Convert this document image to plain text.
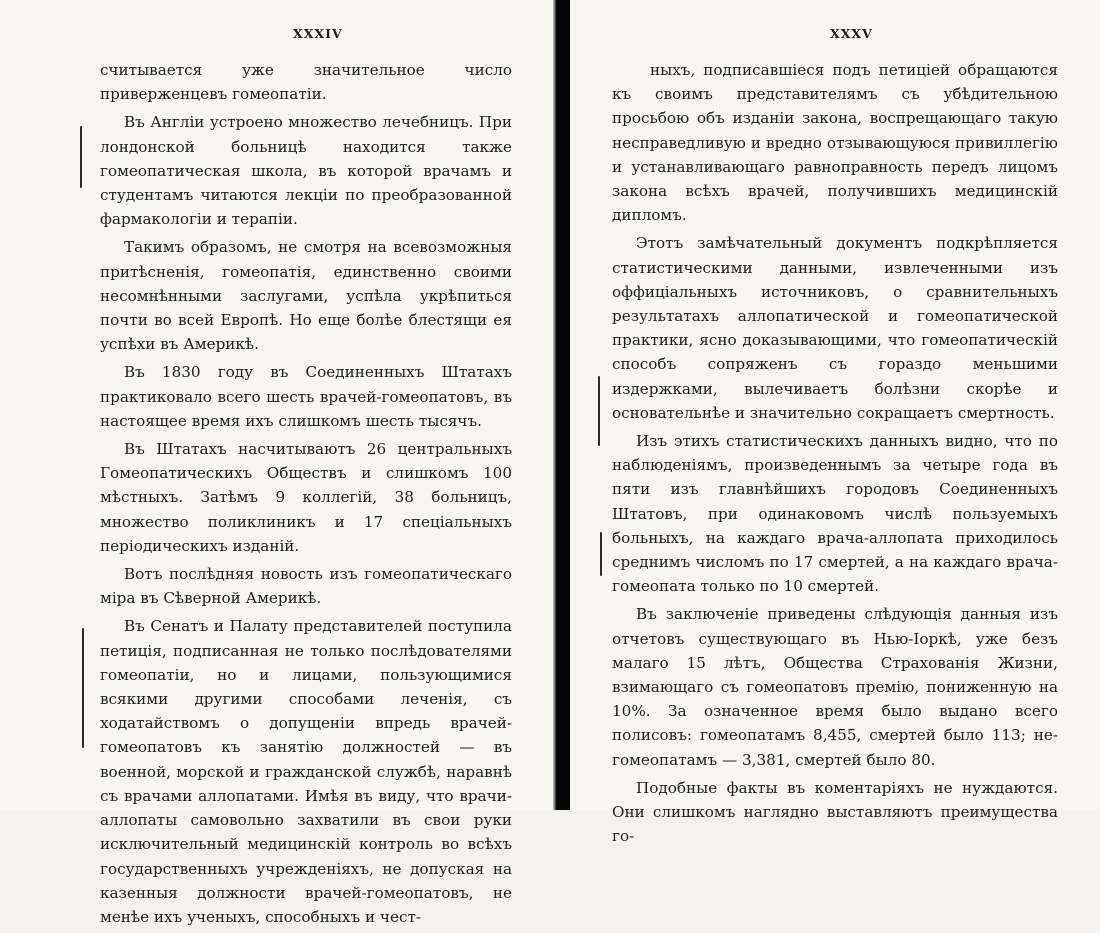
XXXIV

считывается уже значительное число приверженцевъ гомеопатіи.

Въ Англіи устроено множество лечебницъ. При лондонской больницѣ находится также гомеопатическая школа, въ которой врачамъ и студентамъ читаются лекціи по преобразованной фармакологіи и терапіи.

Такимъ образомъ, не смотря на всевозможныя притѣсненія, гомеопатія, единственно своими несомнѣнными заслугами, успѣла укрѣпиться почти во всей Европѣ. Но еще болѣе блестящи ея успѣхи въ Америкѣ.

Въ 1830 году въ Соединенныхъ Штатахъ практиковало всего шесть врачей-гомеопатовъ, въ настоящее время ихъ слишкомъ шесть тысячъ.

Въ Штатахъ насчитываютъ 26 центральныхъ Гомеопатическихъ Обществъ и слишкомъ 100 мѣстныхъ. Затѣмъ 9 коллегій, 38 больницъ, множество поликлиникъ и 17 спеціальныхъ періодическихъ изданій.

Вотъ послѣдняя новость изъ гомеопатическаго міра въ Сѣверной Америкѣ.

Въ Сенатъ и Палату представителей поступила петиція, подписанная не только послѣдователями гомеопатіи, но и лицами, пользующимися всякими другими способами леченія, съ ходатайствомъ о допущеніи впредь врачей-гомеопатовъ къ занятію должностей — въ военной, морской и гражданской службѣ, наравнѣ съ врачами аллопатами. Имѣя въ виду, что врачи-аллопаты самовольно захватили въ свои руки исключительный медицинскій контроль во всѣхъ государственныхъ учрежденіяхъ, не допуская на казенныя должности врачей-гомеопатовъ, не менѣе ихъ ученыхъ, способныхъ и чест-

XXXV

ныхъ, подписавшіеся подъ петиціей обращаются къ своимъ представителямъ съ убѣдительною просьбою объ изданіи закона, воспрещающаго такую несправедливую и вредно отзывающуюся привиллегію и устанавливающаго равноправность передъ лицомъ закона всѣхъ врачей, получившихъ медицинскій дипломъ.

Этотъ замѣчательный документъ подкрѣпляется статистическими данными, извлеченными изъ оффиціальныхъ источниковъ, о сравнительныхъ результатахъ аллопатической и гомеопатической практики, ясно доказывающими, что гомеопатическій способъ сопряженъ съ гораздо меньшими издержками, вылечиваетъ болѣзни скорѣе и основательнѣе и значительно сокращаетъ смертность.

Изъ этихъ статистическихъ данныхъ видно, что по наблюденіямъ, произведеннымъ за четыре года въ пяти изъ главнѣйшихъ городовъ Соединенныхъ Штатовъ, при одинаковомъ числѣ пользуемыхъ больныхъ, на каждаго врача-аллопата приходилось среднимъ числомъ по 17 смертей, а на каждаго врача-гомеопата только по 10 смертей.

Въ заключеніе приведены слѣдующія данныя изъ отчетовъ существующаго въ Нью-Іоркѣ, уже безъ малаго 15 лѣтъ, Общества Страхованія Жизни, взимающаго съ гомеопатовъ премію, пониженную на 10%. За означенное время было выдано всего полисовъ: гомеопатамъ 8,455, смертей было 113; не-гомеопатамъ — 3,381, смертей было 80.

Подобные факты въ коментаріяхъ не нуждаются. Они слишкомъ наглядно выставляютъ преимущества го-
